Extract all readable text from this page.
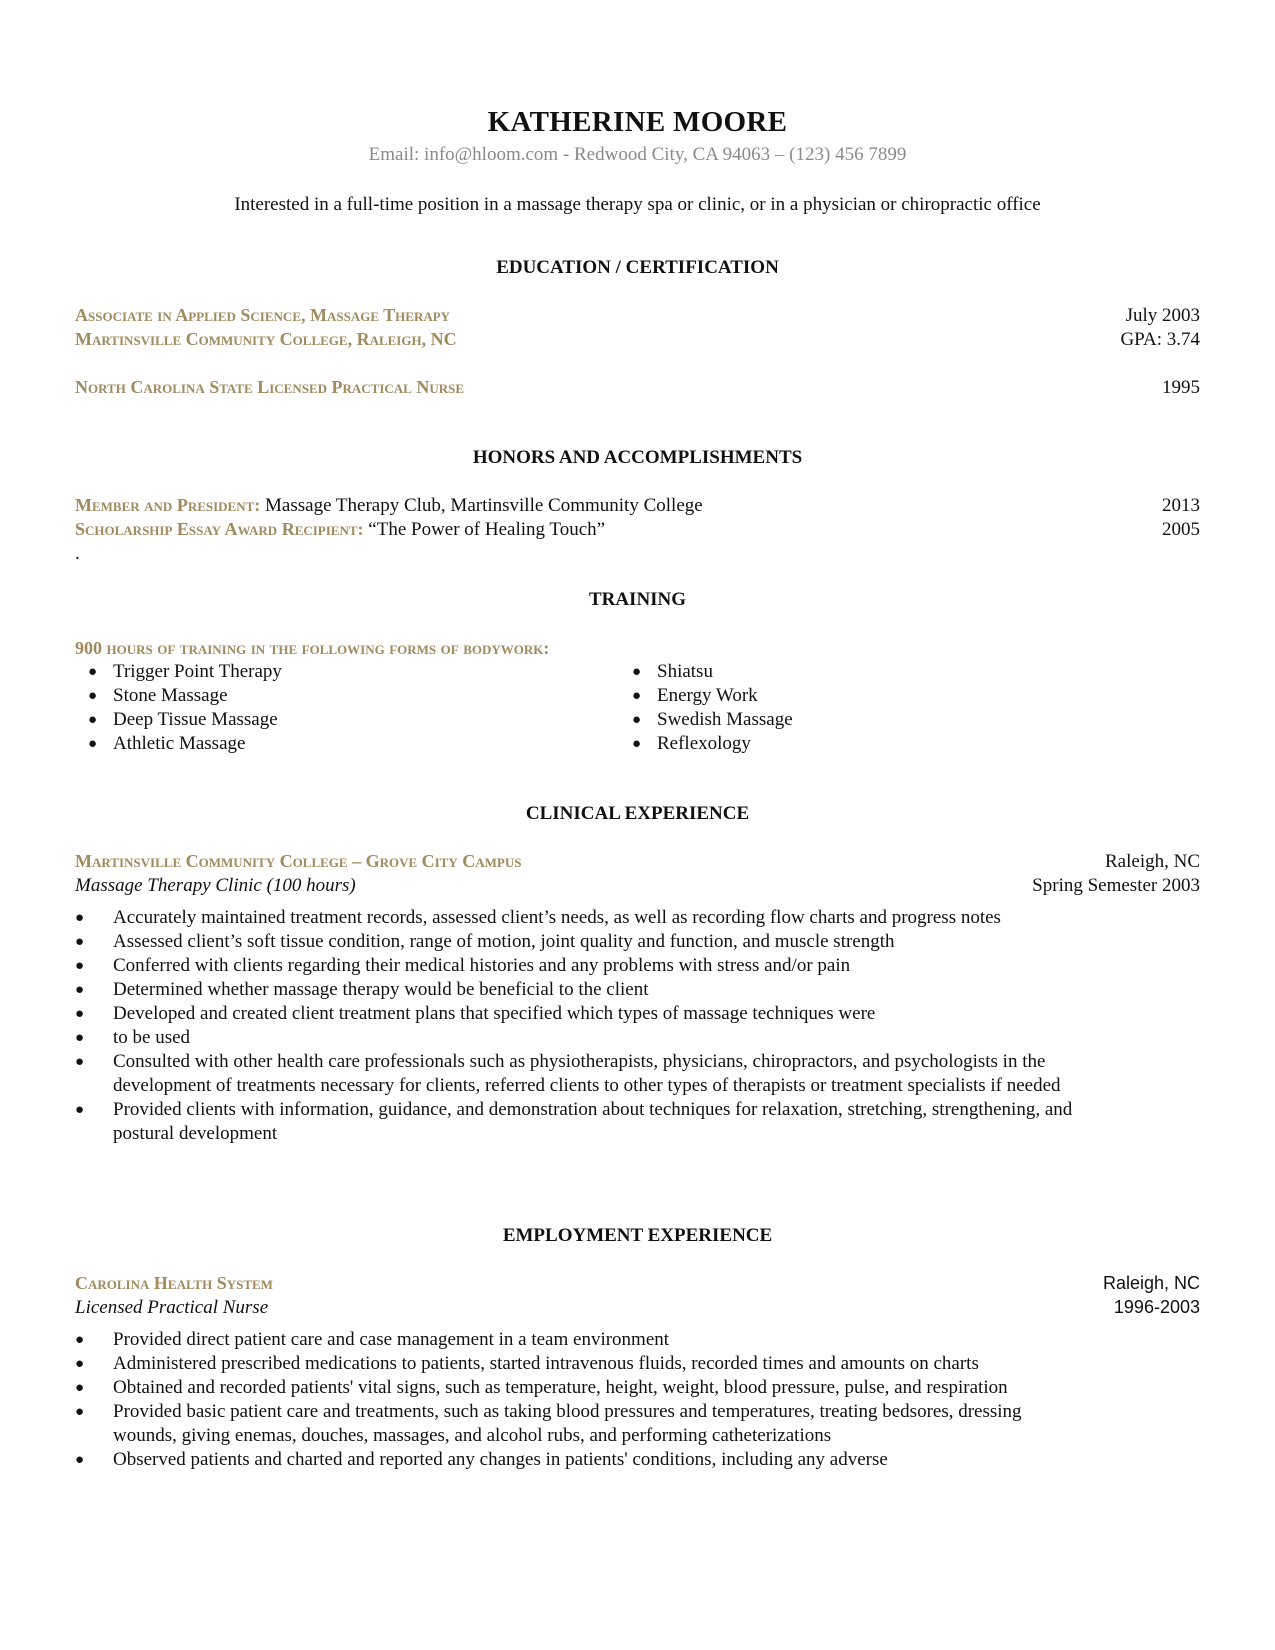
KATHERINE MOORE
Email: info@hloom.com - Redwood City, CA 94063 – (123) 456 7899
Interested in a full-time position in a massage therapy spa or clinic, or in a physician or chiropractic office
EDUCATION / CERTIFICATION
Associate in Applied Science, Massage Therapy	July 2003
Martinsville Community College, Raleigh, NC	GPA: 3.74
North Carolina State Licensed Practical Nurse	1995
HONORS AND ACCOMPLISHMENTS
Member and President: Massage Therapy Club, Martinsville Community College	2013
Scholarship Essay Award Recipient: “The Power of Healing Touch”	2005
.
TRAINING
900 hours of training in the following forms of bodywork:
● Trigger Point Therapy
● Stone Massage
● Deep Tissue Massage
● Athletic Massage
● Shiatsu
● Energy Work
● Swedish Massage
● Reflexology
CLINICAL EXPERIENCE
Martinsville Community College – Grove City Campus	Raleigh, NC
Massage Therapy Clinic (100 hours)	Spring Semester 2003
● Accurately maintained treatment records, assessed client’s needs, as well as recording flow charts and progress notes
● Assessed client’s soft tissue condition, range of motion, joint quality and function, and muscle strength
● Conferred with clients regarding their medical histories and any problems with stress and/or pain
● Determined whether massage therapy would be beneficial to the client
● Developed and created client treatment plans that specified which types of massage techniques were
● to be used
● Consulted with other health care professionals such as physiotherapists, physicians, chiropractors, and psychologists in the development of treatments necessary for clients, referred clients to other types of therapists or treatment specialists if needed
● Provided clients with information, guidance, and demonstration about techniques for relaxation, stretching, strengthening, and postural development
EMPLOYMENT EXPERIENCE
Carolina Health System	Raleigh, NC
Licensed Practical Nurse	1996-2003
● Provided direct patient care and case management in a team environment
● Administered prescribed medications to patients, started intravenous fluids, recorded times and amounts on charts
● Obtained and recorded patients' vital signs, such as temperature, height, weight, blood pressure, pulse, and respiration
● Provided basic patient care and treatments, such as taking blood pressures and temperatures, treating bedsores, dressing wounds, giving enemas, douches, massages, and alcohol rubs, and performing catheterizations
● Observed patients and charted and reported any changes in patients' conditions, including any adverse
